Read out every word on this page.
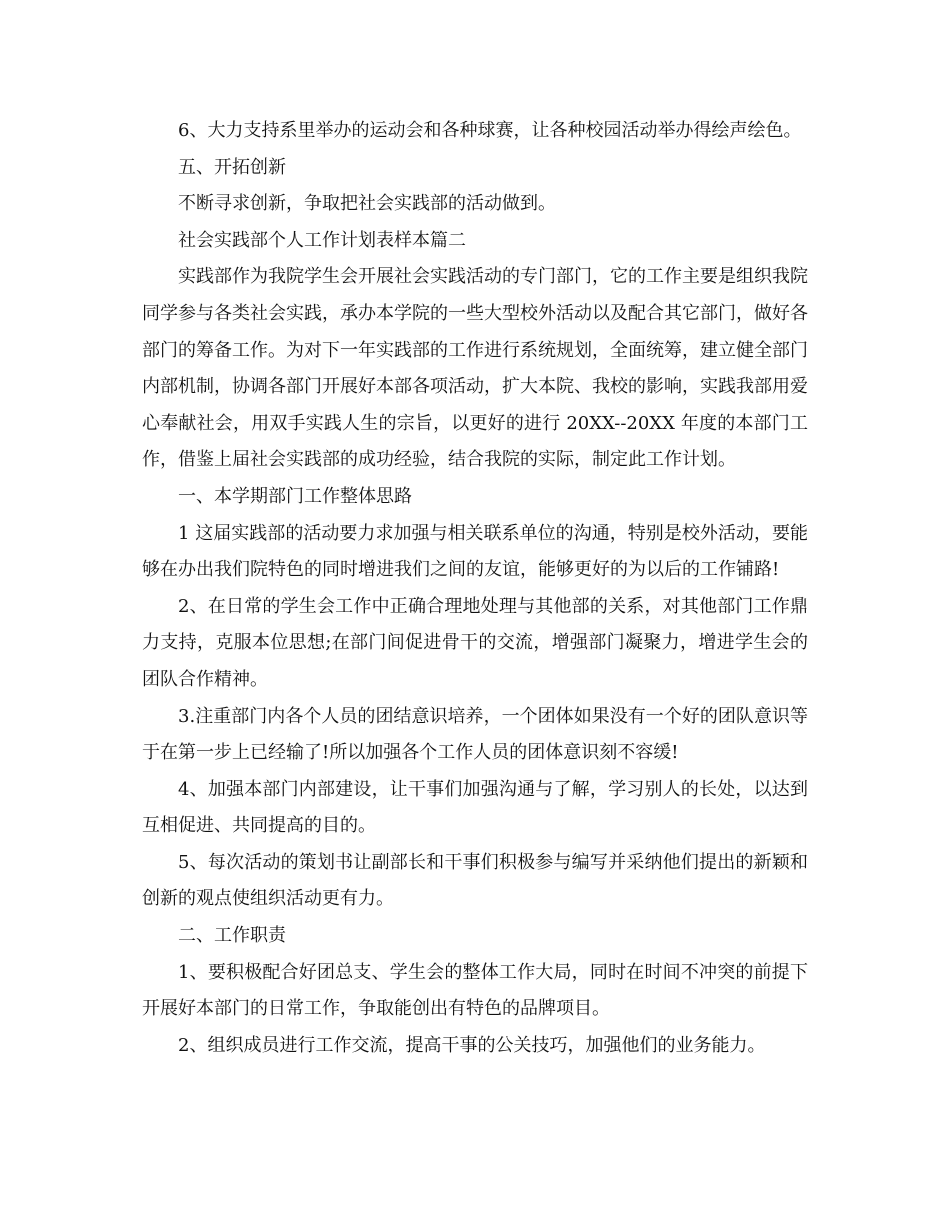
6、大力支持系里举办的运动会和各种球赛，让各种校园活动举办得绘声绘色。

五、开拓创新

不断寻求创新，争取把社会实践部的活动做到。

社会实践部个人工作计划表样本篇二

实践部作为我院学生会开展社会实践活动的专门部门，它的工作主要是组织我院同学参与各类社会实践，承办本学院的一些大型校外活动以及配合其它部门，做好各部门的筹备工作。为对下一年实践部的工作进行系统规划，全面统筹，建立健全部门内部机制，协调各部门开展好本部各项活动，扩大本院、我校的影响，实践我部用爱心奉献社会，用双手实践人生的宗旨，以更好的进行 20XX--20XX 年度的本部门工作，借鉴上届社会实践部的成功经验，结合我院的实际，制定此工作计划。

一、本学期部门工作整体思路

1 这届实践部的活动要力求加强与相关联系单位的沟通，特别是校外活动，要能够在办出我们院特色的同时增进我们之间的友谊，能够更好的为以后的工作铺路!

2、在日常的学生会工作中正确合理地处理与其他部的关系，对其他部门工作鼎力支持，克服本位思想;在部门间促进骨干的交流，增强部门凝聚力，增进学生会的团队合作精神。

3.注重部门内各个人员的团结意识培养，一个团体如果没有一个好的团队意识等于在第一步上已经输了!所以加强各个工作人员的团体意识刻不容缓!

4、加强本部门内部建设，让干事们加强沟通与了解，学习别人的长处，以达到互相促进、共同提高的目的。

5、每次活动的策划书让副部长和干事们积极参与编写并采纳他们提出的新颖和创新的观点使组织活动更有力。

二、工作职责

1、要积极配合好团总支、学生会的整体工作大局，同时在时间不冲突的前提下开展好本部门的日常工作，争取能创出有特色的品牌项目。

2、组织成员进行工作交流，提高干事的公关技巧，加强他们的业务能力。
